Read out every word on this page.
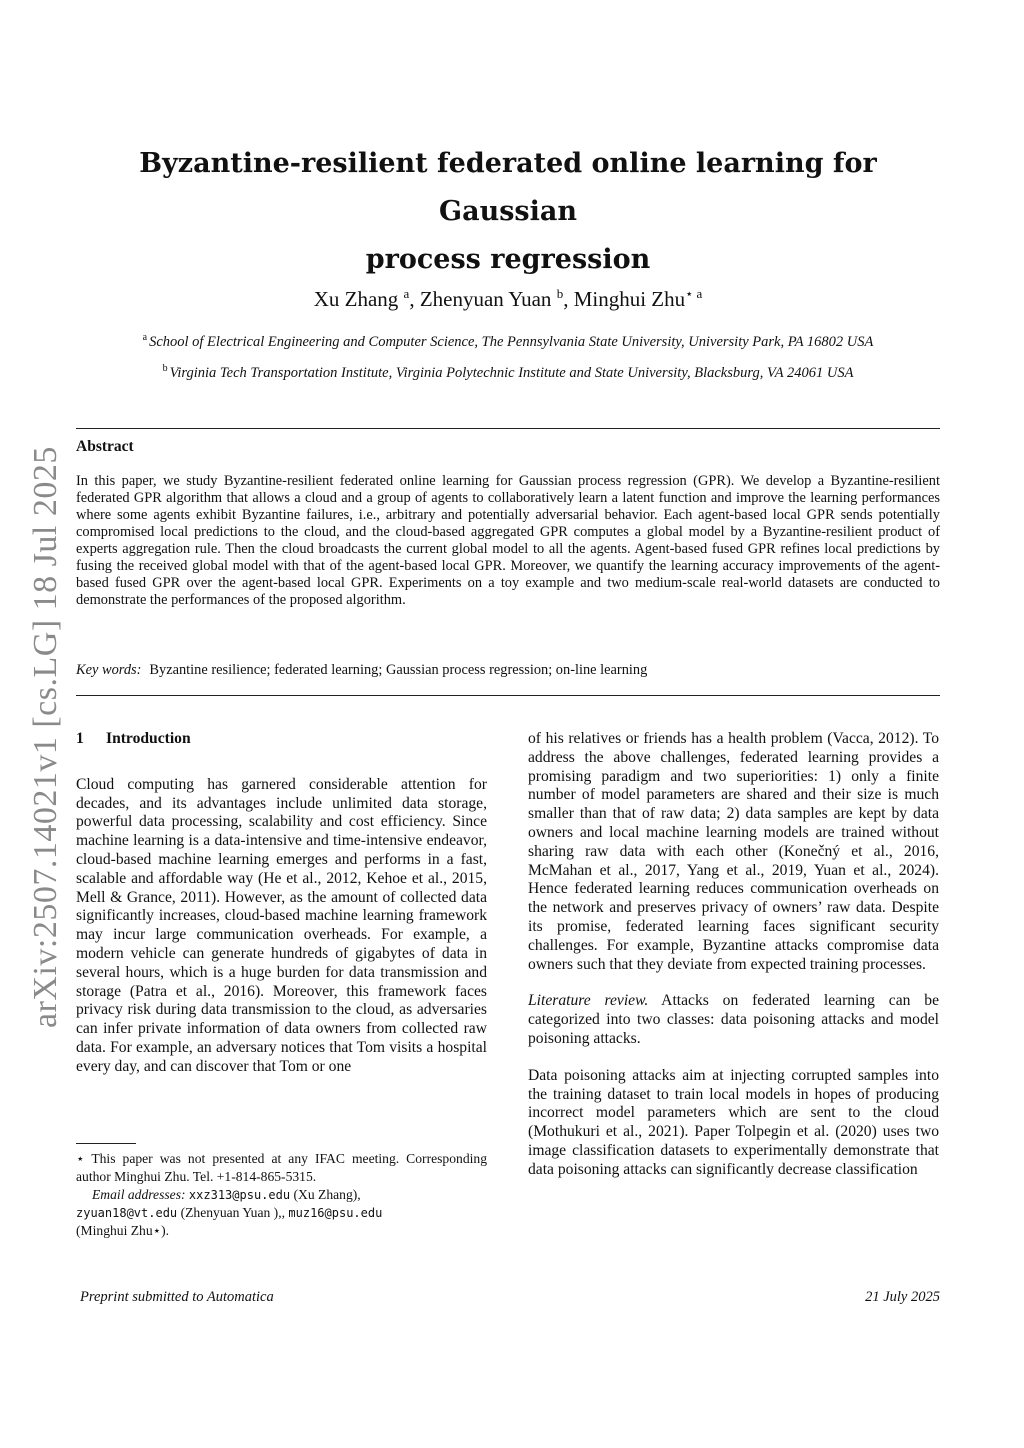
arXiv:2507.14021v1 [cs.LG] 18 Jul 2025
Byzantine-resilient federated online learning for Gaussian
process regression
Xu Zhang $^a$, Zhenyuan Yuan $^b$, Minghui Zhu$^{⋆ a}$
$^a$ School of Electrical Engineering and Computer Science, The Pennsylvania State University, University Park, PA 16802 USA
$^b$ Virginia Tech Transportation Institute, Virginia Polytechnic Institute and State University, Blacksburg, VA 24061 USA
Abstract
In this paper, we study Byzantine-resilient federated online learning for Gaussian process regression (GPR). We develop a Byzantine-resilient federated GPR algorithm that allows a cloud and a group of agents to collaboratively learn a latent function and improve the learning performances where some agents exhibit Byzantine failures, i.e., arbitrary and potentially adversarial behavior. Each agent-based local GPR sends potentially compromised local predictions to the cloud, and the cloud-based aggregated GPR computes a global model by a Byzantine-resilient product of experts aggregation rule. Then the cloud broadcasts the current global model to all the agents. Agent-based fused GPR refines local predictions by fusing the received global model with that of the agent-based local GPR. Moreover, we quantify the learning accuracy improvements of the agent-based fused GPR over the agent-based local GPR. Experiments on a toy example and two medium-scale real-world datasets are conducted to demonstrate the performances of the proposed algorithm.
Key words: Byzantine resilience; federated learning; Gaussian process regression; on-line learning
1 Introduction

Cloud computing has garnered considerable attention for decades, and its advantages include unlimited data storage, powerful data processing, scalability and cost efficiency. Since machine learning is a data-intensive and time-intensive endeavor, cloud-based machine learning emerges and performs in a fast, scalable and affordable way (He et al., 2012, Kehoe et al., 2015, Mell & Grance, 2011). However, as the amount of collected data significantly increases, cloud-based machine learning framework may incur large communication overheads. For example, a modern vehicle can generate hundreds of gigabytes of data in several hours, which is a huge burden for data transmission and storage (Patra et al., 2016). Moreover, this framework faces privacy risk during data transmission to the cloud, as adversaries can infer private information of data owners from collected raw data. For example, an adversary notices that Tom visits a hospital every day, and can discover that Tom or one

of his relatives or friends has a health problem (Vacca, 2012). To address the above challenges, federated learning provides a promising paradigm and two superiorities: 1) only a finite number of model parameters are shared and their size is much smaller than that of raw data; 2) data samples are kept by data owners and local machine learning models are trained without sharing raw data with each other (Konečný et al., 2016, McMahan et al., 2017, Yang et al., 2019, Yuan et al., 2024). Hence federated learning reduces communication overheads on the network and preserves privacy of owners’ raw data. Despite its promise, federated learning faces significant security challenges. For example, Byzantine attacks compromise data owners such that they deviate from expected training processes.

Literature review. Attacks on federated learning can be categorized into two classes: data poisoning attacks and model poisoning attacks.

Data poisoning attacks aim at injecting corrupted samples into the training dataset to train local models in hopes of producing incorrect model parameters which are sent to the cloud (Mothukuri et al., 2021). Paper Tolpegin et al. (2020) uses two image classification datasets to experimentally demonstrate that data poisoning attacks can significantly decrease classification

⋆ This paper was not presented at any IFAC meeting. Corresponding author Minghui Zhu. Tel. +1-814-865-5315.

Email addresses: xxz313@psu.edu (Xu Zhang),

zyuan18@vt.edu (Zhenyuan Yuan ),, muz16@psu.edu

(Minghui Zhu⋆).

Preprint submitted to Automatica	21 July 2025
